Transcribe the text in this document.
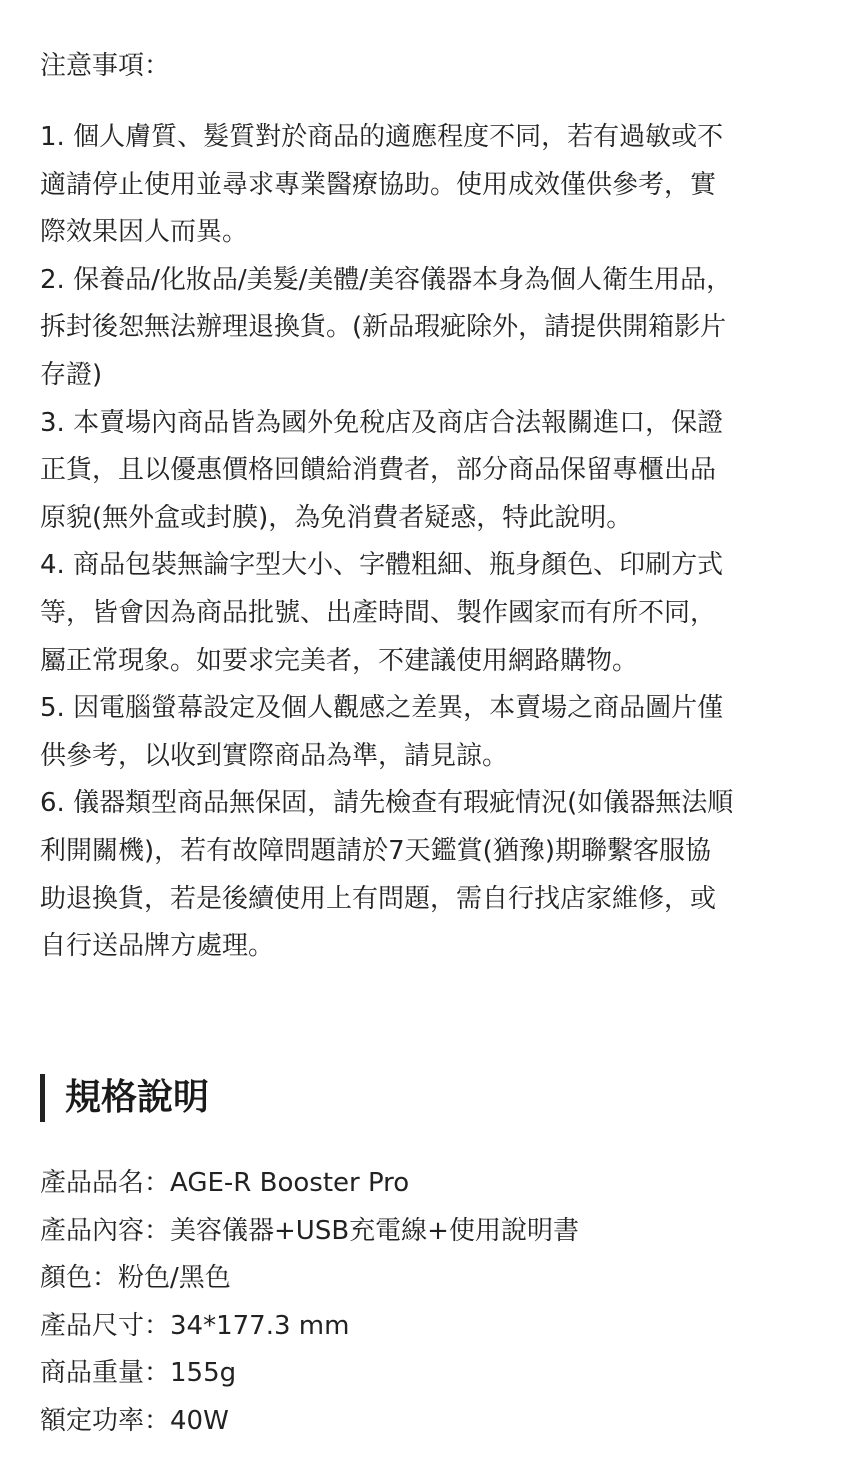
注意事項：
1. 個人膚質、髮質對於商品的適應程度不同，若有過敏或不
適請停止使用並尋求專業醫療協助。使用成效僅供參考，實
際效果因人而異。
2. 保養品/化妝品/美髮/美體/美容儀器本身為個人衛生用品，
拆封後恕無法辦理退換貨。(新品瑕疵除外，請提供開箱影片
存證)
3. 本賣場內商品皆為國外免稅店及商店合法報關進口，保證
正貨，且以優惠價格回饋給消費者，部分商品保留專櫃出品
原貌(無外盒或封膜)，為免消費者疑惑，特此說明。
4. 商品包裝無論字型大小、字體粗細、瓶身顏色、印刷方式
等，皆會因為商品批號、出產時間、製作國家而有所不同，
屬正常現象。如要求完美者，不建議使用網路購物。
5. 因電腦螢幕設定及個人觀感之差異，本賣場之商品圖片僅
供參考，以收到實際商品為準，請見諒。
6. 儀器類型商品無保固，請先檢查有瑕疵情況(如儀器無法順
利開關機)，若有故障問題請於7天鑑賞(猶豫)期聯繫客服協
助退換貨，若是後續使用上有問題，需自行找店家維修，或
自行送品牌方處理。
規格說明
產品品名：AGE-R Booster Pro
產品內容：美容儀器+USB充電線+使用說明書
顏色：粉色/黑色
產品尺寸：34*177.3 mm
商品重量：155g
額定功率：40W
